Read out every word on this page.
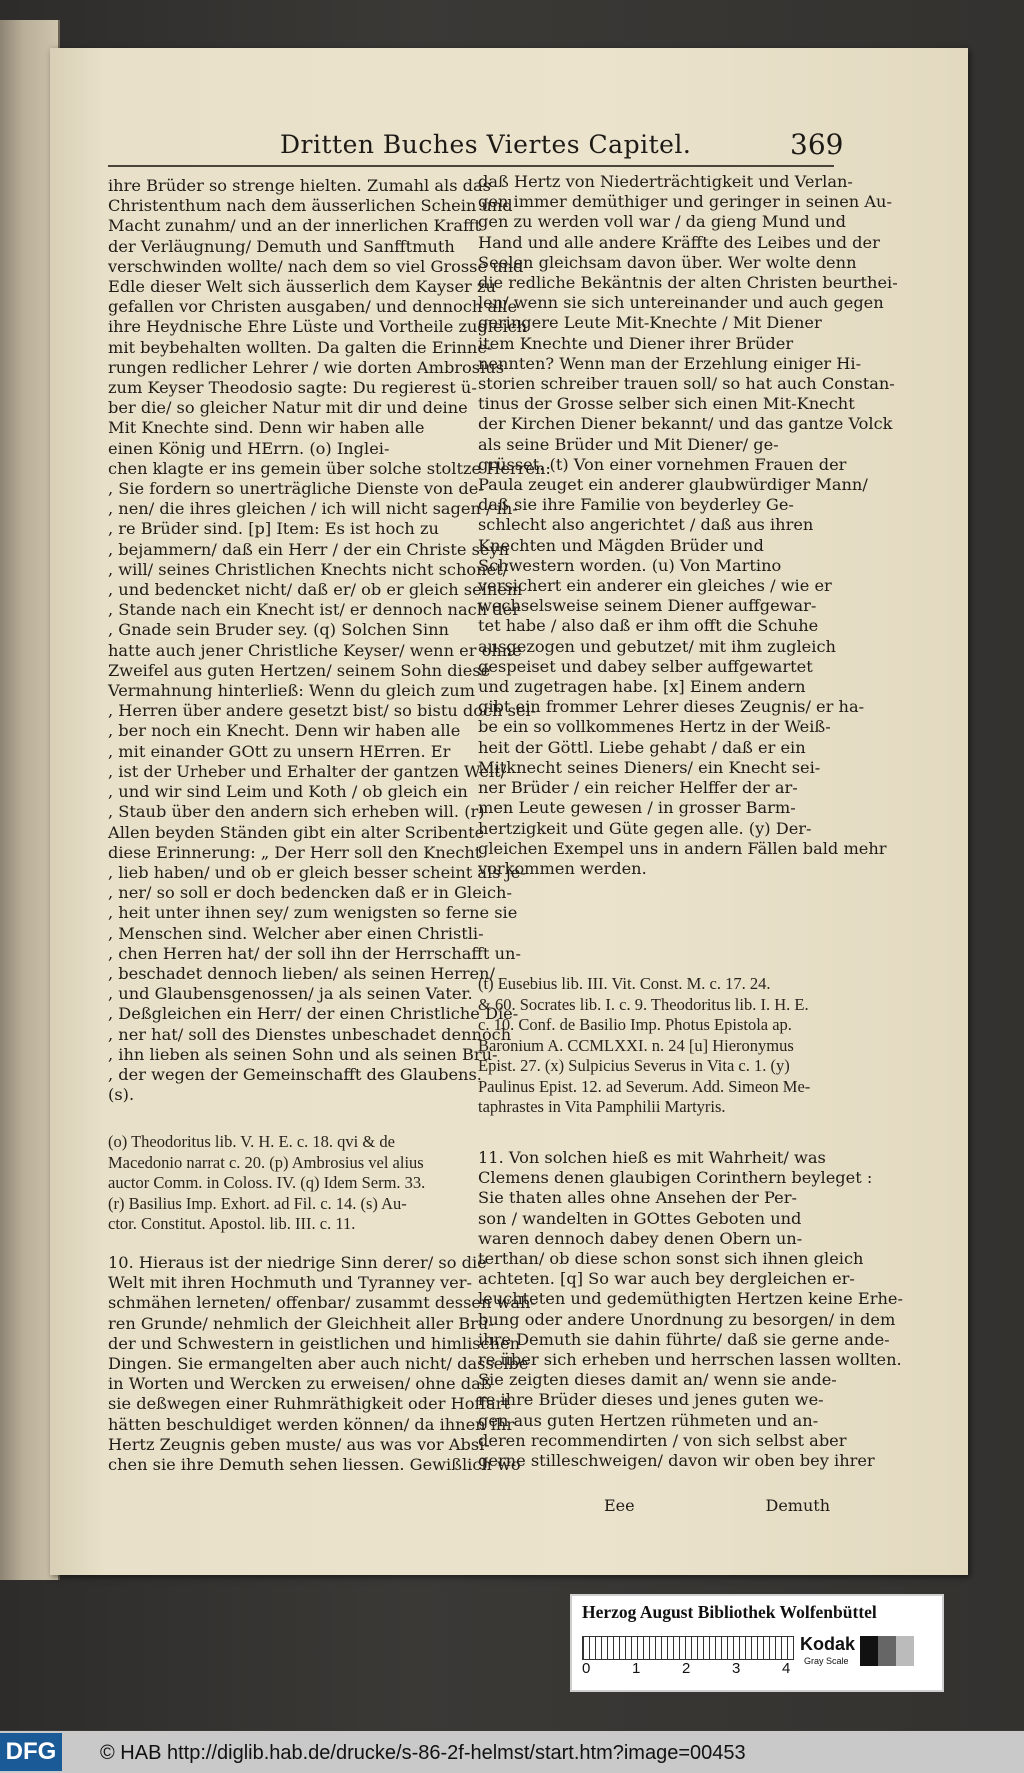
Dritten Buches Viertes Capitel.	369

ihre Brüder so strenge hielten. Zumahl als das

Christenthum nach dem äusserlichen Schein und

Macht zunahm/ und an der innerlichen Krafft

der Verläugnung/ Demuth und Sanfftmuth

verschwinden wollte/ nach dem so viel Grosse und

Edle dieser Welt sich äusserlich dem Kayser zu

gefallen vor Christen ausgaben/ und dennoch alle

ihre Heydnische Ehre Lüste und Vortheile zugleich

mit beybehalten wollten. Da galten die Erinne-

rungen redlicher Lehrer / wie dorten Ambrosius

zum Keyser Theodosio sagte: Du regierest ü-

ber die/ so gleicher Natur mit dir und deine

Mit Knechte sind. Denn wir haben alle

einen König und HErrn. (o) Inglei-

chen klagte er ins gemein über solche stoltze Herren:

, Sie fordern so unerträgliche Dienste von de-

, nen/ die ihres gleichen / ich will nicht sagen / ih-

, re Brüder sind. [p] Item: Es ist hoch zu

, bejammern/ daß ein Herr / der ein Christe seyn

, will/ seines Christlichen Knechts nicht schonet/

, und bedencket nicht/ daß er/ ob er gleich seinem

, Stande nach ein Knecht ist/ er dennoch nach der

, Gnade sein Bruder sey. (q) Solchen Sinn

hatte auch jener Christliche Keyser/ wenn er ohne

Zweifel aus guten Hertzen/ seinem Sohn diese

Vermahnung hinterließ: Wenn du gleich zum

, Herren über andere gesetzt bist/ so bistu doch sel-

, ber noch ein Knecht. Denn wir haben alle

, mit einander GOtt zu unsern HErren. Er

, ist der Urheber und Erhalter der gantzen Welt/

, und wir sind Leim und Koth / ob gleich ein

, Staub über den andern sich erheben will. (r)

Allen beyden Ständen gibt ein alter Scribente

diese Erinnerung: „ Der Herr soll den Knecht

, lieb haben/ und ob er gleich besser scheint als je-

, ner/ so soll er doch bedencken daß er in Gleich-

, heit unter ihnen sey/ zum wenigsten so ferne sie

, Menschen sind. Welcher aber einen Christli-

, chen Herren hat/ der soll ihn der Herrschafft un-

, beschadet dennoch lieben/ als seinen Herren/

, und Glaubensgenossen/ ja als seinen Vater.

, Deßgleichen ein Herr/ der einen Christliche Die-

, ner hat/ soll des Dienstes unbeschadet dennoch

, ihn lieben als seinen Sohn und als seinen Bru-

, der wegen der Gemeinschafft des Glaubens.

(s).

(o) Theodoritus lib. V. H. E. c. 18. qvi & de

Macedonio narrat c. 20. (p) Ambrosius vel alius

auctor Comm. in Coloss. IV. (q) Idem Serm. 33.

(r) Basilius Imp. Exhort. ad Fil. c. 14. (s) Au-

ctor. Constitut. Apostol. lib. III. c. 11.

10. Hieraus ist der niedrige Sinn derer/ so die

Welt mit ihren Hochmuth und Tyranney ver-

schmähen lerneten/ offenbar/ zusammt dessen wah-

ren Grunde/ nehmlich der Gleichheit aller Brü-

der und Schwestern in geistlichen und himlischen

Dingen. Sie ermangelten aber auch nicht/ dasselbe

in Worten und Wercken zu erweisen/ ohne daß

sie deßwegen einer Ruhmräthigkeit oder Hoffart

hätten beschuldiget werden können/ da ihnen ihr

Hertz Zeugnis geben muste/ aus was vor Absi-

chen sie ihre Demuth sehen liessen. Gewißlich wo

daß Hertz von Niederträchtigkeit und Verlan-

gen immer demüthiger und geringer in seinen Au-

gen zu werden voll war / da gieng Mund und

Hand und alle andere Kräffte des Leibes und der

Seelen gleichsam davon über. Wer wolte denn

die redliche Bekäntnis der alten Christen beurthei-

len/ wenn sie sich untereinander und auch gegen

geringere Leute Mit-Knechte / Mit Diener

item Knechte und Diener ihrer Brüder

nennten? Wenn man der Erzehlung einiger Hi-

storien schreiber trauen soll/ so hat auch Constan-

tinus der Grosse selber sich einen Mit-Knecht

der Kirchen Diener bekannt/ und das gantze Volck

als seine Brüder und Mit Diener/ ge-

grüsset. (t) Von einer vornehmen Frauen der

Paula zeuget ein anderer glaubwürdiger Mann/

daß sie ihre Familie von beyderley Ge-

schlecht also angerichtet / daß aus ihren

Knechten und Mägden Brüder und

Schwestern worden. (u) Von Martino

versichert ein anderer ein gleiches / wie er

wechselsweise seinem Diener auffgewar-

tet habe / also daß er ihm offt die Schuhe

ausgezogen und gebutzet/ mit ihm zugleich

gespeiset und dabey selber auffgewartet

und zugetragen habe. [x] Einem andern

gibt ein frommer Lehrer dieses Zeugnis/ er ha-

be ein so vollkommenes Hertz in der Weiß-

heit der Göttl. Liebe gehabt / daß er ein

Mitknecht seines Dieners/ ein Knecht sei-

ner Brüder / ein reicher Helffer der ar-

men Leute gewesen / in grosser Barm-

hertzigkeit und Güte gegen alle. (y) Der-

gleichen Exempel uns in andern Fällen bald mehr

vorkommen werden.

(t) Eusebius lib. III. Vit. Const. M. c. 17. 24.

& 60. Socrates lib. I. c. 9. Theodoritus lib. I. H. E.

c. 10. Conf. de Basilio Imp. Photus Epistola ap.

Baronium A. CCMLXXI. n. 24 [u] Hieronymus

Epist. 27. (x) Sulpicius Severus in Vita c. 1. (y)

Paulinus Epist. 12. ad Severum. Add. Simeon Me-

taphrastes in Vita Pamphilii Martyris.

11. Von solchen hieß es mit Wahrheit/ was

Clemens denen glaubigen Corinthern beyleget :

Sie thaten alles ohne Ansehen der Per-

son / wandelten in GOttes Geboten und

waren dennoch dabey denen Obern un-

terthan/ ob diese schon sonst sich ihnen gleich

achteten. [q] So war auch bey dergleichen er-

leuchteten und gedemüthigten Hertzen keine Erhe-

bung oder andere Unordnung zu besorgen/ in dem

ihre Demuth sie dahin führte/ daß sie gerne ande-

re über sich erheben und herrschen lassen wollten.

Sie zeigten dieses damit an/ wenn sie ande-

re ihre Brüder dieses und jenes guten we-

gen aus guten Hertzen rühmeten und an-

deren recommendirten / von sich selbst aber

gerne stilleschweigen/ davon wir oben bey ihrer

Eee	Demuth
Herzog August Bibliothek Wolfenbüttel
0	1	2	3	4
Kodak
Gray Scale
DFG © HAB http://diglib.hab.de/drucke/s-86-2f-helmst/start.htm?image=00453
